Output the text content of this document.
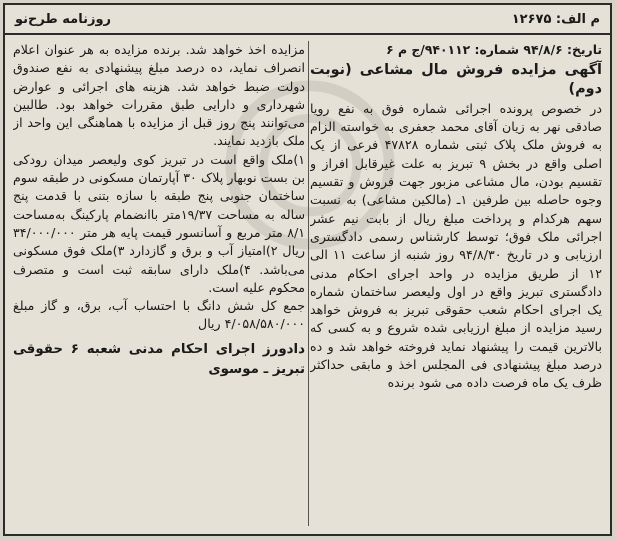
م الف: ۱۲۶۷۵
روزنامه طرح‌نو
تاریخ: ۹۴/۸/۶ شماره: ۹۴۰۱۱۲/ج م ۶
آگهی مزایده فروش مال مشاعی (نوبت دوم)

در خصوص پرونده اجرائی شماره فوق به نفع رویا صادقی نهر به زیان آقای محمد جعفری به خواسته الزام به فروش ملک پلاک ثبتی شماره ۴۷۸۲۸ فرعی از یک اصلی واقع در بخش ۹ تبریز به علت غیرقابل افراز و تقسیم بودن، مال مشاعی مزبور جهت فروش و تقسیم وجوه حاصله بین طرفین ۱ـ (مالکین مشاعی) به نسبت سهم هرکدام و پرداخت مبلغ ریال از بابت نیم عشر اجرائی ملک فوق؛ توسط کارشناس رسمی دادگستری ارزیابی و در تاریخ ۹۴/۸/۳۰ روز شنبه از ساعت ۱۱ الی ۱۲ از طریق مزایده در واحد اجرای احکام مدنی دادگستری تبریز واقع در اول ولیعصر ساختمان شماره یک اجرای احکام شعب حقوقی تبریز به فروش خواهد رسید مزایده از مبلغ ارزیابی شده شروع و به کسی که بالاترین قیمت را پیشنهاد نماید فروخته خواهد شد و ده درصد مبلغ پیشنهادی فی المجلس اخذ و مابقی حداکثر ظرف یک ماه فرصت داده می شود برنده

مزایده اخذ خواهد شد. برنده مزایده به هر عنوان اعلام انصراف نماید، ده درصد مبلغ پیشنهادی به نفع صندوق دولت ضبط خواهد شد. هزینه های اجرائی و عوارض شهرداری و دارایی طبق مقررات خواهد بود. طالبین می‌توانند پنج روز قبل از مزایده با هماهنگی این واحد از ملک بازدید نمایند.

۱)ملک واقع است در تبریز کوی ولیعصر میدان رودکی بن بست نوبهار پلاک ۳۰ آپارتمان مسکونی در طبقه سوم ساختمان جنوبی پنج طبقه با سازه بتنی با قدمت پنج ساله به مساحت ۱۹/۳۷متر باانضمام پارکینگ به‌مساحت ۸/۱ متر مربع و آسانسور قیمت پایه هر متر ۳۴/۰۰۰/۰۰۰ ریال ۲)امتیاز آب و برق و گازدارد ۳)ملک فوق مسکونی می‌باشد. ۴)ملک دارای سابقه ثبت است و متصرف محکوم علیه است.

جمع کل شش دانگ با احتساب آب، برق، و گاز مبلغ ۴/۰۵۸/۵۸۰/۰۰۰ ریال

دادورز اجرای احکام مدنی شعبه ۶ حقوقی تبریز ـ موسوی
